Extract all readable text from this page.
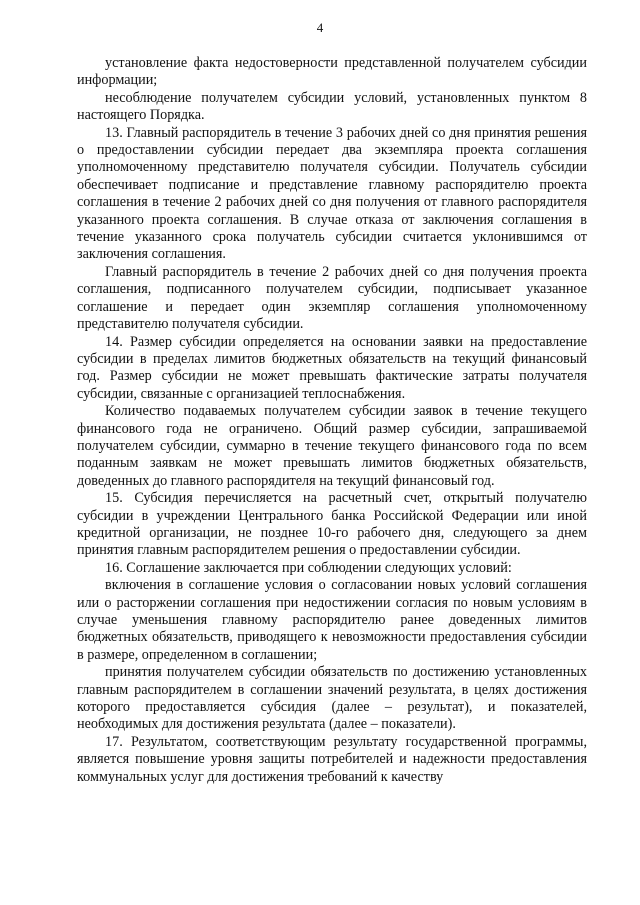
4

установление факта недостоверности представленной получателем субсидии информации;

несоблюдение получателем субсидии условий, установленных пунктом 8 настоящего Порядка.

13. Главный распорядитель в течение 3 рабочих дней со дня принятия решения о предоставлении субсидии передает два экземпляра проекта соглашения уполномоченному представителю получателя субсидии. Получатель субсидии обеспечивает подписание и представление главному распорядителю проекта соглашения в течение 2 рабочих дней со дня получения от главного распорядителя указанного проекта соглашения. В случае отказа от заключения соглашения в течение указанного срока получатель субсидии считается уклонившимся от заключения соглашения.

Главный распорядитель в течение 2 рабочих дней со дня получения проекта соглашения, подписанного получателем субсидии, подписывает указанное соглашение и передает один экземпляр соглашения уполномоченному представителю получателя субсидии.

14. Размер субсидии определяется на основании заявки на предоставление субсидии в пределах лимитов бюджетных обязательств на текущий финансовый год. Размер субсидии не может превышать фактические затраты получателя субсидии, связанные с организацией теплоснабжения.

Количество подаваемых получателем субсидии заявок в течение текущего финансового года не ограничено. Общий размер субсидии, запрашиваемой получателем субсидии, суммарно в течение текущего финансового года по всем поданным заявкам не может превышать лимитов бюджетных обязательств, доведенных до главного распорядителя на текущий финансовый год.

15. Субсидия перечисляется на расчетный счет, открытый получателю субсидии в учреждении Центрального банка Российской Федерации или иной кредитной организации, не позднее 10-го рабочего дня, следующего за днем принятия главным распорядителем решения о предоставлении субсидии.

16. Соглашение заключается при соблюдении следующих условий:

включения в соглашение условия о согласовании новых условий соглашения или о расторжении соглашения при недостижении согласия по новым условиям в случае уменьшения главному распорядителю ранее доведенных лимитов бюджетных обязательств, приводящего к невозможности предоставления субсидии в размере, определенном в соглашении;

принятия получателем субсидии обязательств по достижению установленных главным распорядителем в соглашении значений результата, в целях достижения которого предоставляется субсидия (далее – результат), и показателей, необходимых для достижения результата (далее – показатели).

17. Результатом, соответствующим результату государственной программы, является повышение уровня защиты потребителей и надежности предоставления коммунальных услуг для достижения требований к качеству
